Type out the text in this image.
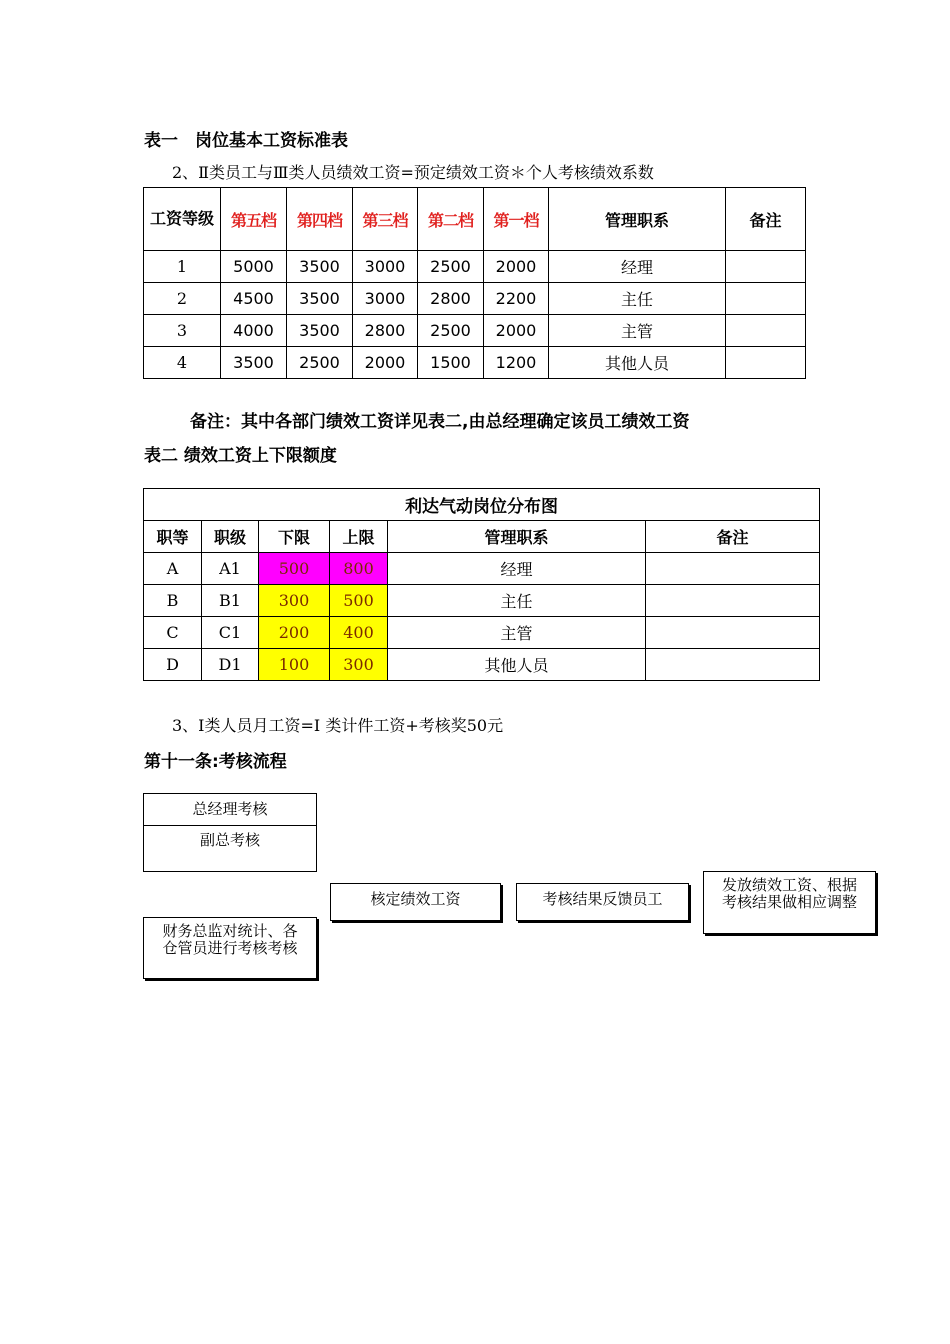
表一　岗位基本工资标准表
2、Ⅱ类员工与Ⅲ类人员绩效工资=预定绩效工资＊个人考核绩效系数
工资等级	第五档	第四档	第三档	第二档	第一档	管理职系	备注
1	5000	3500	3000	2500	2000	经理	
2	4500	3500	3000	2800	2200	主任	
3	4000	3500	2800	2500	2000	主管	
4	3500	2500	2000	1500	1200	其他人员	
备注：其中各部门绩效工资详见表二,由总经理确定该员工绩效工资
表二 绩效工资上下限额度
利达气动岗位分布图					
职等	职级	下限	上限	管理职系	备注
A	A1	500	800	经理	
B	B1	300	500	主任	
C	C1	200	400	主管	
D	D1	100	300	其他人员	
3、I类人员月工资=Ⅰ 类计件工资+考核奖50元
第十一条:考核流程
总经理考核
副总考核
财务总监对统计、各仓管员进行考核考核
核定绩效工资	考核结果反馈员工
发放绩效工资、根据考核结果做相应调整
